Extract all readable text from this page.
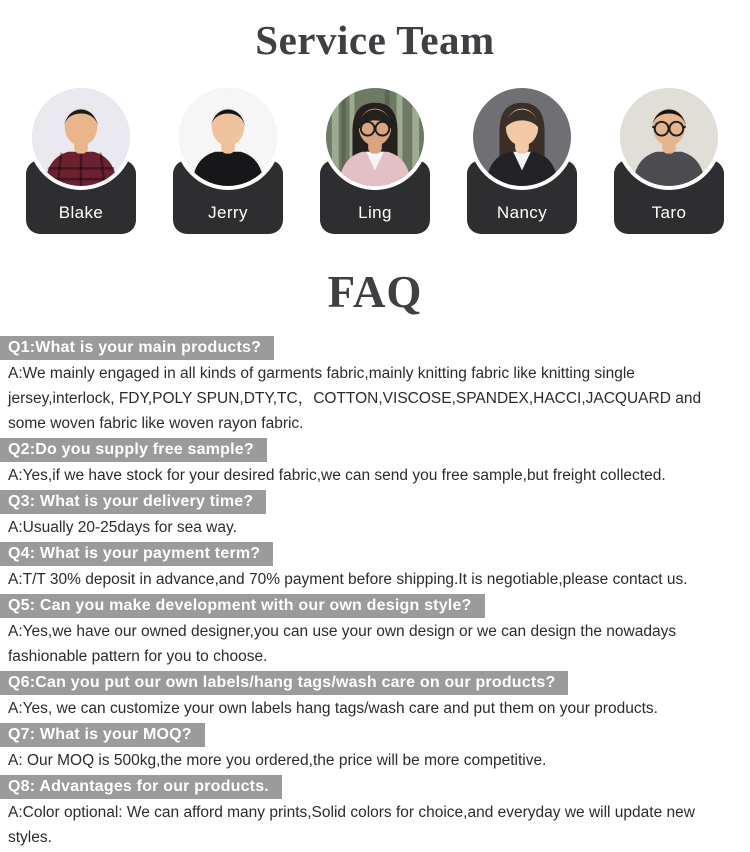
Service Team
Blake	Jerry	Ling	Nancy	Taro
FAQ
Q1:What is your main products?
A:We mainly engaged in all kinds of garments fabric,mainly knitting fabric like knitting single jersey,interlock, FDY,POLY SPUN,DTY,TC，COTTON,VISCOSE,SPANDEX,HACCI,JACQUARD and some woven fabric like woven rayon fabric.
Q2:Do you supply free sample?
A:Yes,if we have stock for your desired fabric,we can send you free sample,but freight collected.
Q3: What is your delivery time?
A:Usually 20-25days for sea way.
Q4: What is your payment term?
A:T/T 30% deposit in advance,and 70% payment before shipping.It is negotiable,please contact us.
Q5: Can you make development with our own design style?
A:Yes,we have our owned designer,you can use your own design or we can design the nowadays fashionable pattern for you to choose.
Q6:Can you put our own labels/hang tags/wash care on our products?
A:Yes, we can customize your own labels hang tags/wash care and put them on your products.
Q7: What is your MOQ?
A: Our MOQ is 500kg,the more you ordered,the price will be more competitive.
Q8: Advantages for our products.
A:Color optional: We can afford many prints,Solid colors for choice,and everyday we will update new styles.
